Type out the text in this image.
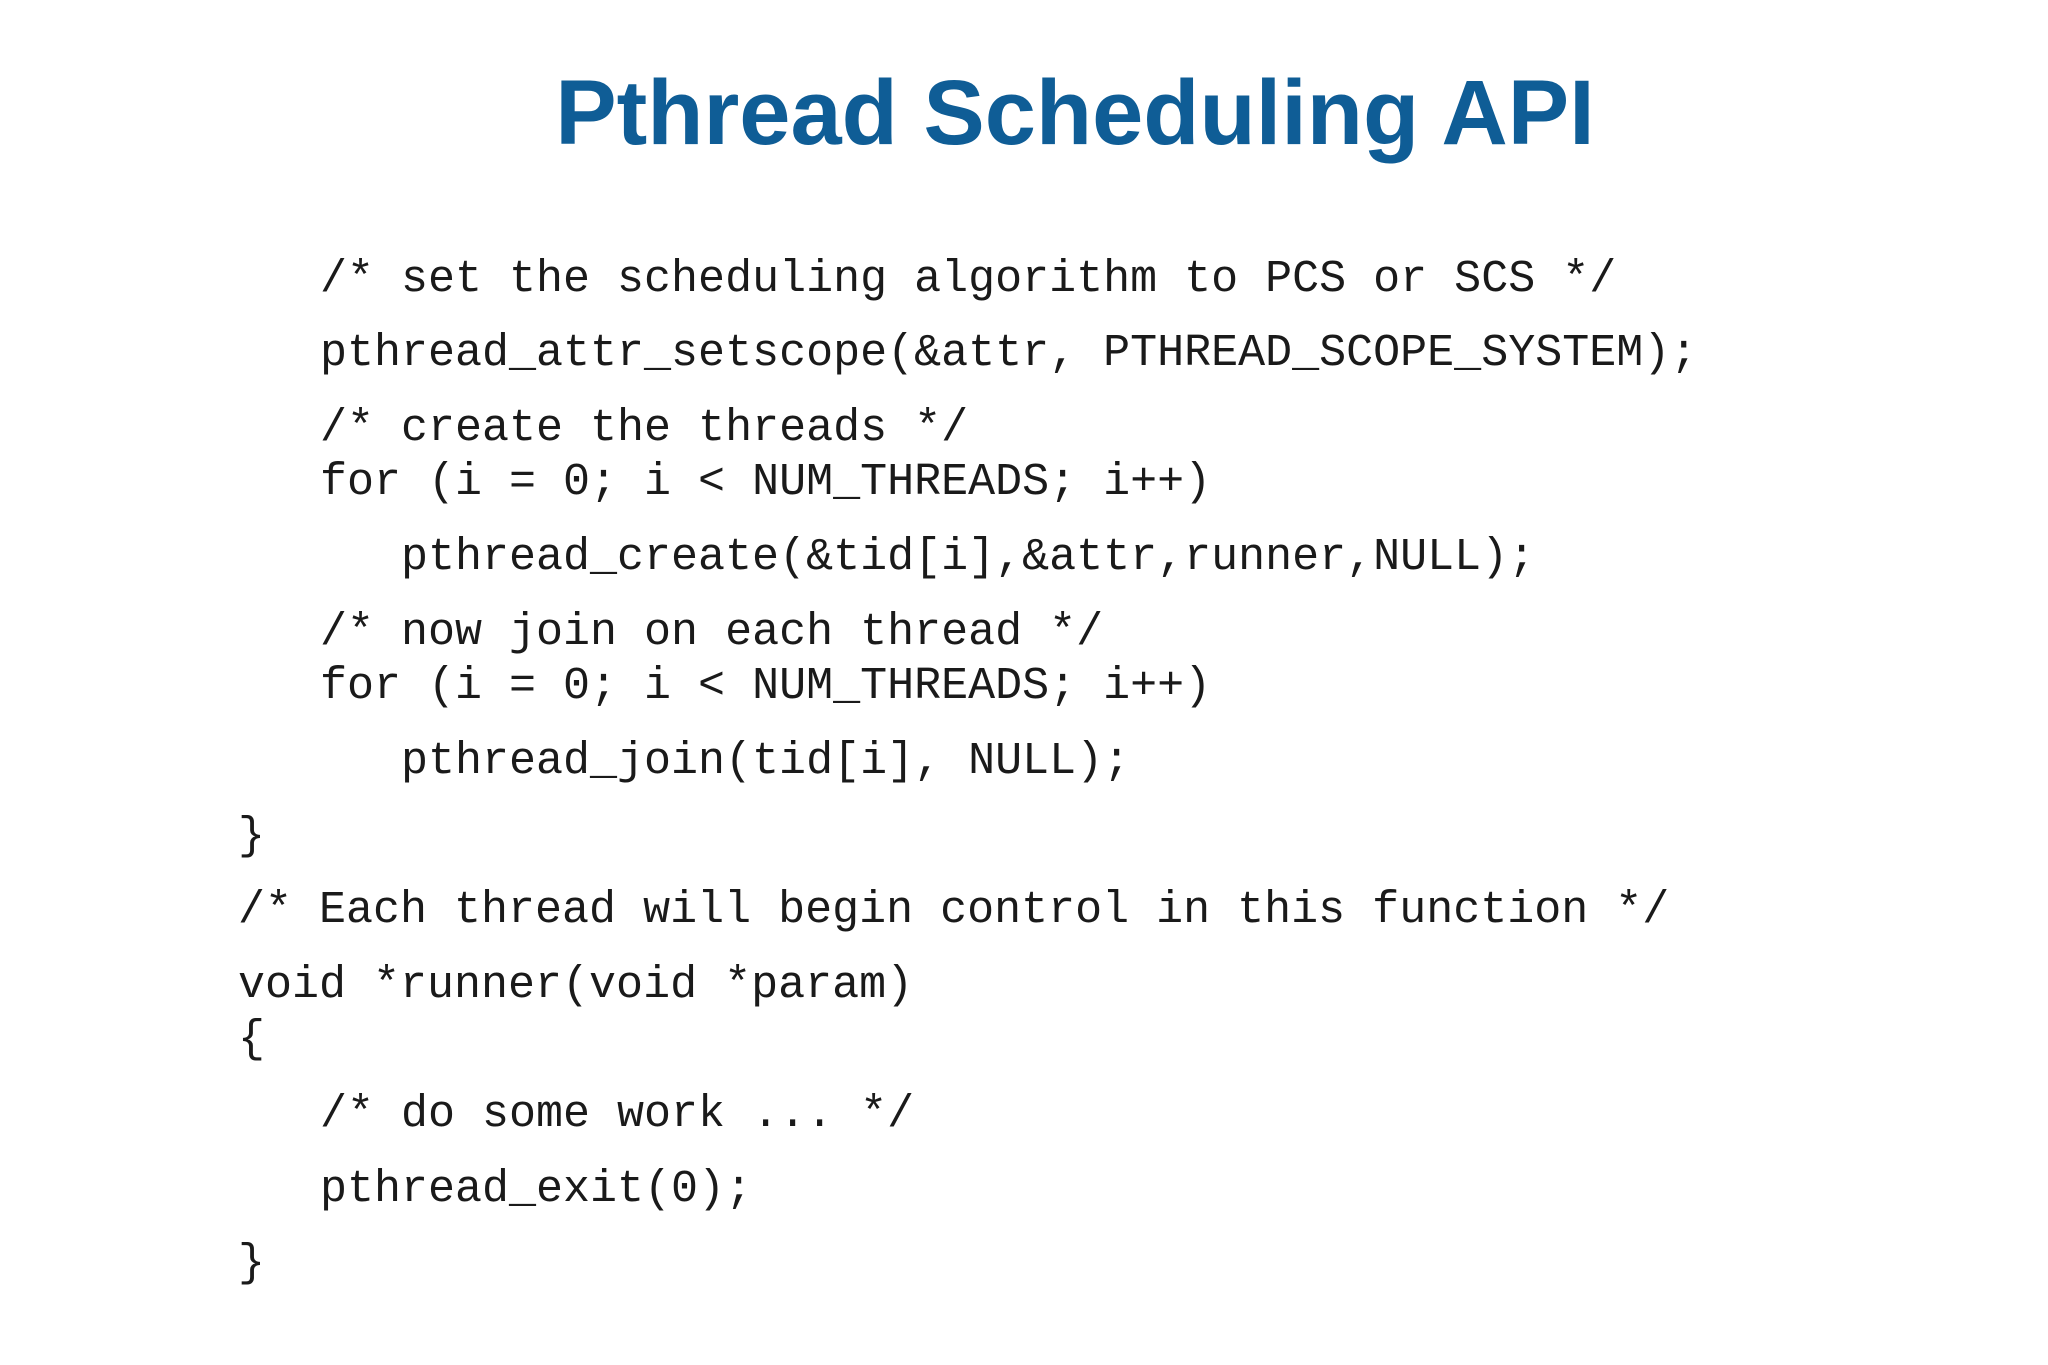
Pthread Scheduling API
/* set the scheduling algorithm to PCS or SCS */
pthread_attr_setscope(&attr, PTHREAD_SCOPE_SYSTEM);
/* create the threads */
for (i = 0; i < NUM_THREADS; i++)
pthread_create(&tid[i],&attr,runner,NULL);
/* now join on each thread */
for (i = 0; i < NUM_THREADS; i++)
pthread_join(tid[i], NULL);
}
/* Each thread will begin control in this function */
void *runner(void *param)
{
/* do some work ... */
pthread_exit(0);
}
